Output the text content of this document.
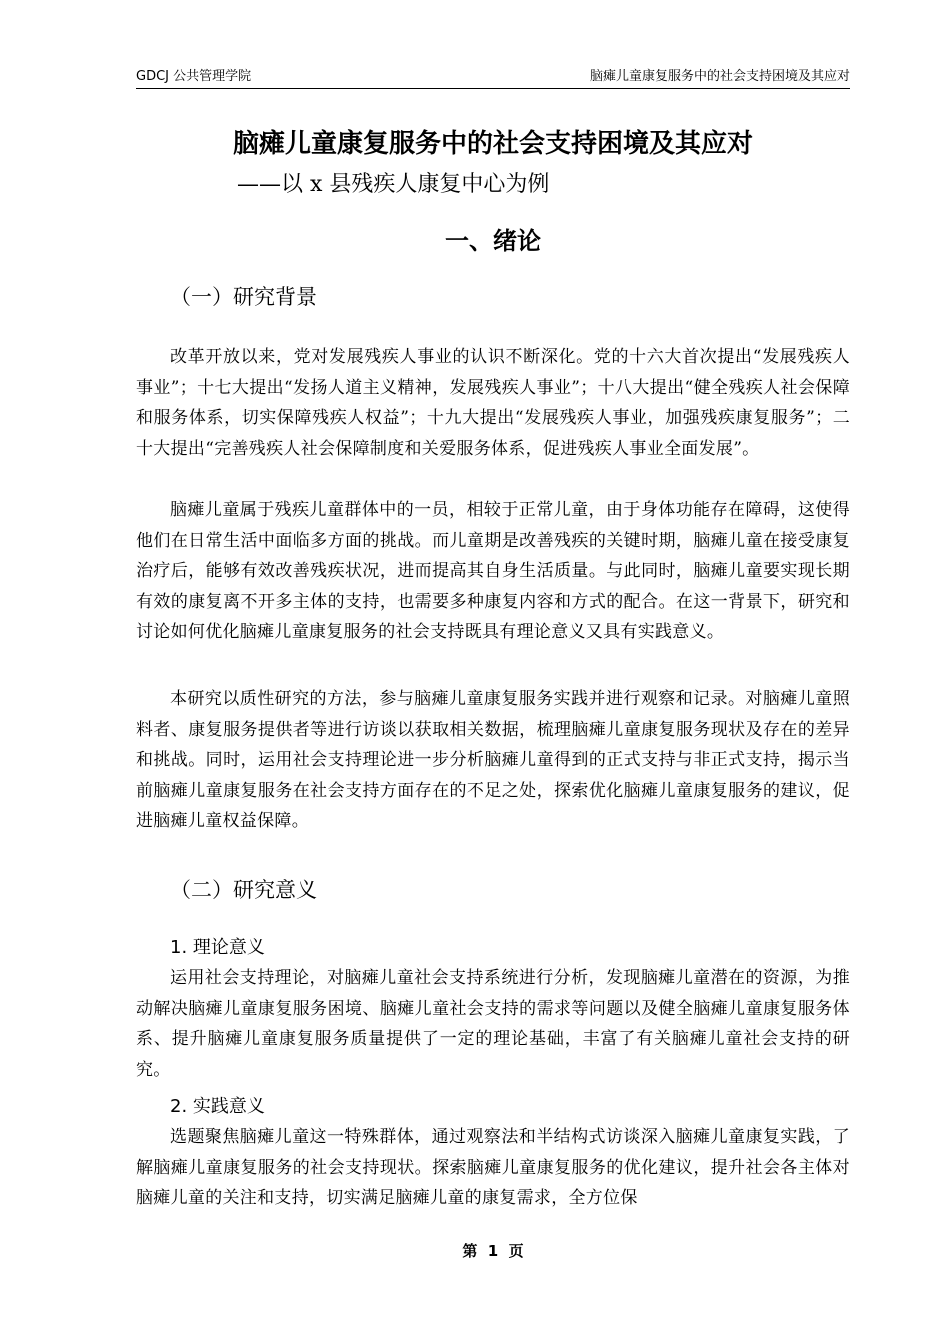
GDCJ 公共管理学院	脑瘫儿童康复服务中的社会支持困境及其应对
脑瘫儿童康复服务中的社会支持困境及其应对
——以 x 县残疾人康复中心为例
一、绪论
（一）研究背景

改革开放以来，党对发展残疾人事业的认识不断深化。党的十六大首次提出“发展残疾人事业”；十七大提出“发扬人道主义精神，发展残疾人事业”；十八大提出“健全残疾人社会保障和服务体系，切实保障残疾人权益”；十九大提出“发展残疾人事业，加强残疾康复服务”；二十大提出“完善残疾人社会保障制度和关爱服务体系，促进残疾人事业全面发展”。

脑瘫儿童属于残疾儿童群体中的一员，相较于正常儿童，由于身体功能存在障碍，这使得他们在日常生活中面临多方面的挑战。而儿童期是改善残疾的关键时期，脑瘫儿童在接受康复治疗后，能够有效改善残疾状况，进而提高其自身生活质量。与此同时，脑瘫儿童要实现长期有效的康复离不开多主体的支持，也需要多种康复内容和方式的配合。在这一背景下，研究和讨论如何优化脑瘫儿童康复服务的社会支持既具有理论意义又具有实践意义。

本研究以质性研究的方法，参与脑瘫儿童康复服务实践并进行观察和记录。对脑瘫儿童照料者、康复服务提供者等进行访谈以获取相关数据，梳理脑瘫儿童康复服务现状及存在的差异和挑战。同时，运用社会支持理论进一步分析脑瘫儿童得到的正式支持与非正式支持，揭示当前脑瘫儿童康复服务在社会支持方面存在的不足之处，探索优化脑瘫儿童康复服务的建议，促进脑瘫儿童权益保障。

（二）研究意义
1. 理论意义

运用社会支持理论，对脑瘫儿童社会支持系统进行分析，发现脑瘫儿童潜在的资源，为推动解决脑瘫儿童康复服务困境、脑瘫儿童社会支持的需求等问题以及健全脑瘫儿童康复服务体系、提升脑瘫儿童康复服务质量提供了一定的理论基础，丰富了有关脑瘫儿童社会支持的研究。

2. 实践意义

选题聚焦脑瘫儿童这一特殊群体，通过观察法和半结构式访谈深入脑瘫儿童康复实践，了解脑瘫儿童康复服务的社会支持现状。探索脑瘫儿童康复服务的优化建议，提升社会各主体对脑瘫儿童的关注和支持，切实满足脑瘫儿童的康复需求，全方位保

第  1  页
